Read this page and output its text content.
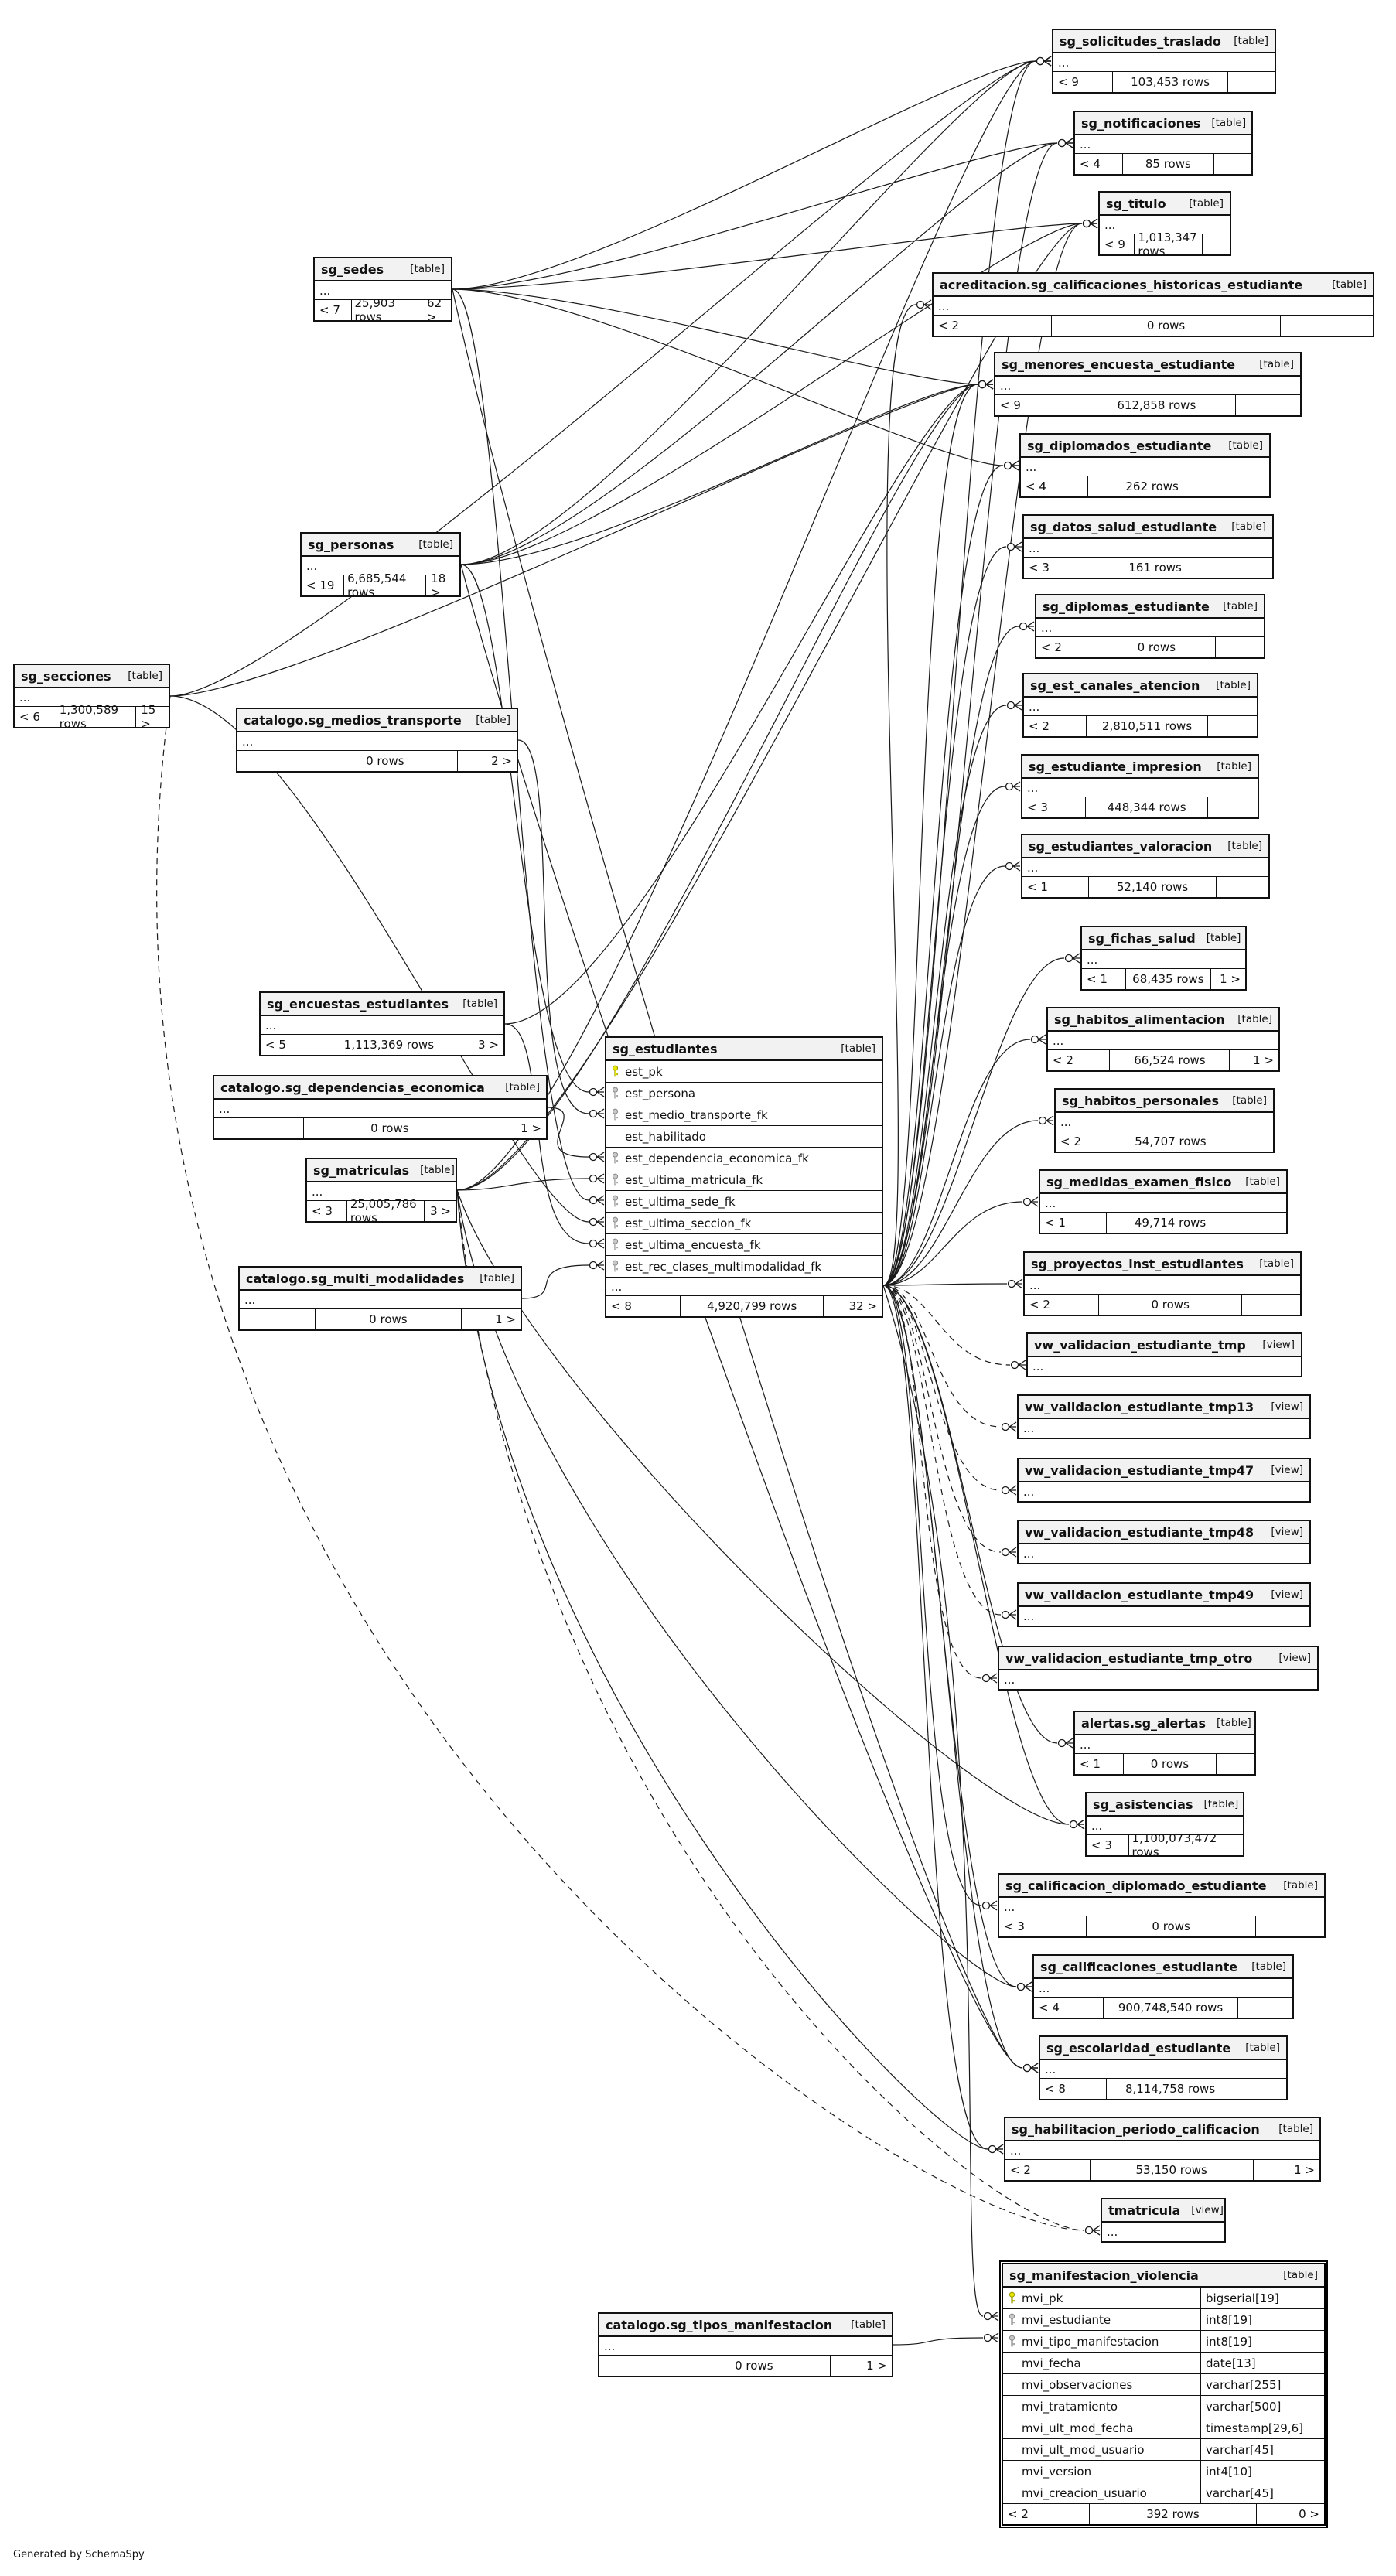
sg_secciones [table]
...
< 6	1,300,589 rows
15 >
sg_sedes	[table]
...
< 7	25,903 rows
62 >
sg_personas [table]
...
< 19	6,685,544 rows
18 >
catalogo.sg_medios_transporte [table]
...
0 rows	2 >
sg_encuestas_estudiantes [table]
...
< 5	1,113,369 rows	3 >
catalogo.sg_dependencias_economica [table]
...
0 rows	1 >
sg_matriculas [table]
...
< 3	25,005,786 rows	3 >
catalogo.sg_multi_modalidades [table]
...
0 rows	1 >
sg_estudiantes	[table]
est_pk
est_persona
est_medio_transporte_fk
est_habilitado
est_dependencia_economica_fk
est_ultima_matricula_fk
est_ultima_sede_fk
est_ultima_seccion_fk
est_ultima_encuesta_fk
est_rec_clases_multimodalidad_fk
...
< 8	4,920,799 rows	32 >
sg_solicitudes_traslado [table]
...
< 9	103,453 rows
sg_notificaciones [table]
...
< 4	85 rows
sg_titulo [table]
...
< 9	1,013,347 rows
acreditacion.sg_calificaciones_historicas_estudiante	[table]
...
< 2	0 rows
sg_menores_encuesta_estudiante [table]
...
< 9	612,858 rows
sg_diplomados_estudiante [table]
...
< 4	262 rows
sg_datos_salud_estudiante [table]
...
< 3	161 rows
sg_diplomas_estudiante [table]
...
< 2	0 rows
sg_est_canales_atencion [table]
...
< 2	2,810,511 rows
sg_estudiante_impresion [table]
...
< 3	448,344 rows
sg_estudiantes_valoracion [table]
...
< 1	52,140 rows
sg_fichas_salud [table]
...
< 1	68,435 rows	1 >
sg_habitos_alimentacion [table]
...
< 2	66,524 rows	1 >
sg_habitos_personales [table]
...
< 2	54,707 rows
sg_medidas_examen_fisico [table]
...
< 1	49,714 rows
sg_proyectos_inst_estudiantes [table]
...
< 2	0 rows
vw_validacion_estudiante_tmp [view]
...
vw_validacion_estudiante_tmp13 [view]
...
vw_validacion_estudiante_tmp47 [view]
...
vw_validacion_estudiante_tmp48 [view]
...
vw_validacion_estudiante_tmp49 [view]
...
vw_validacion_estudiante_tmp_otro	[view]
...
alertas.sg_alertas [table]
...
< 1	0 rows
sg_asistencias [table]
...
< 3	1,100,073,472 rows
sg_calificacion_diplomado_estudiante [table]
...
< 3	0 rows
sg_calificaciones_estudiante [table]
...
< 4	900,748,540 rows
sg_escolaridad_estudiante [table]
...
< 8	8,114,758 rows
sg_habilitacion_periodo_calificacion [table]
...
< 2	53,150 rows	1 >
tmatricula [view]
...
sg_manifestacion_violencia	[table]
mvi_pk	bigserial[19]
mvi_estudiante	int8[19]
mvi_tipo_manifestacion	int8[19]
mvi_fecha	date[13]
mvi_observaciones	varchar[255]
mvi_tratamiento	varchar[500]
mvi_ult_mod_fecha	timestamp[29,6]
mvi_ult_mod_usuario	varchar[45]
mvi_version	int4[10]
mvi_creacion_usuario	varchar[45]
< 2	392 rows	0 >
catalogo.sg_tipos_manifestacion [table]
...
0 rows	1 >
Generated by SchemaSpy
